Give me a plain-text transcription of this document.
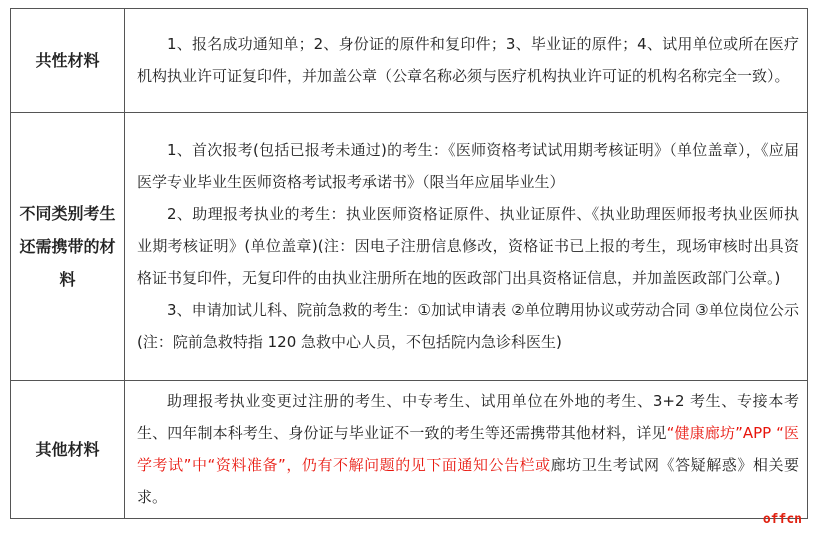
共性材料	1、报名成功通知单；2、身份证的原件和复印件；3、毕业证的原件；4、试用单位或所在医疗机构执业许可证复印件，并加盖公章（公章名称必须与医疗机构执业许可证的机构名称完全一致）。

不同类别考生还需携带的材料	1、首次报考(包括已报考未通过)的考生：《医师资格考试试用期考核证明》（单位盖章），《应届医学专业毕业生医师资格考试报考承诺书》（限当年应届毕业生）

2、助理报考执业的考生：执业医师资格证原件、执业证原件、《执业助理医师报考执业医师执业期考核证明》(单位盖章)(注：因电子注册信息修改，资格证书已上报的考生，现场审核时出具资格证书复印件，无复印件的由执业注册所在地的医政部门出具资格证信息，并加盖医政部门公章。)

3、申请加试儿科、院前急救的考生：①加试申请表 ②单位聘用协议或劳动合同 ③单位岗位公示(注：院前急救特指 120 急救中心人员，不包括院内急诊科医生)

其他材料	助理报考执业变更过注册的考生、中专考生、试用单位在外地的考生、3+2 考生、专接本考生、四年制本科考生、身份证与毕业证不一致的考生等还需携带其他材料，详见“健康廊坊”APP “医学考试”中“资料准备”，仍有不解问题的见下面通知公告栏或廊坊卫生考试网《答疑解惑》相关要求。

offcn
